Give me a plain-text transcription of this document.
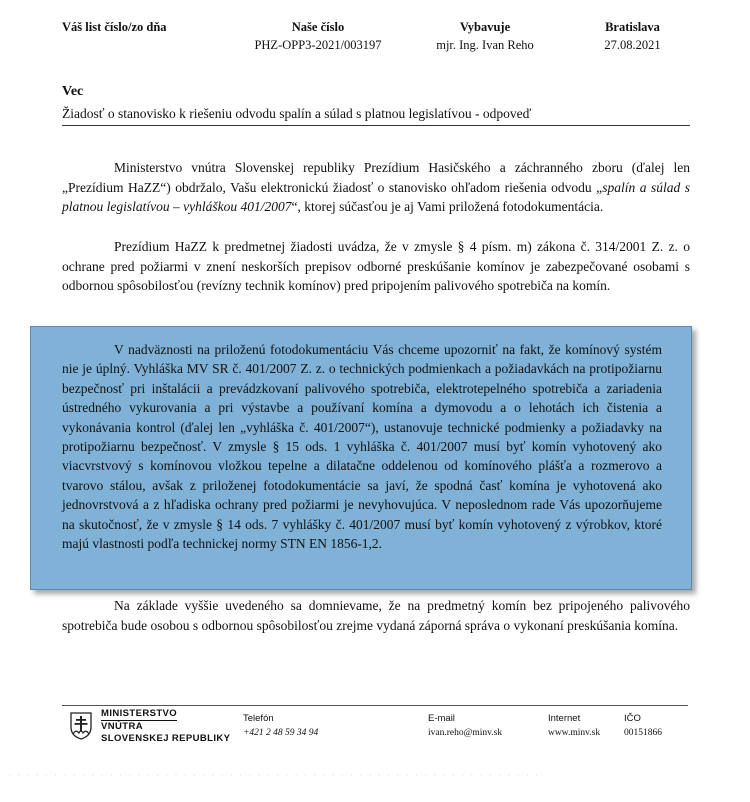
Váš list číslo/zo dňa	Naše číslo
PHZ-OPP3-2021/003197
Vybavuje
mjr. Ing. Ivan Reho
Bratislava
27.08.2021
Vec
Žiadosť o stanovisko k riešeniu odvodu spalín a súlad s platnou legislatívou - odpoveď

Ministerstvo vnútra Slovenskej republiky Prezídium Hasičského a záchranného zboru (ďalej len „Prezídium HaZZ“) obdržalo, Vašu elektronickú žiadosť o stanovisko ohľadom riešenia odvodu „spalín a súlad s platnou legislatívou – vyhláškou 401/2007“, ktorej súčasťou je aj Vami priložená fotodokumentácia.

Prezídium HaZZ k predmetnej žiadosti uvádza, že v zmysle § 4 písm. m) zákona č. 314/2001 Z. z. o ochrane pred požiarmi v znení neskorších prepisov odborné preskúšanie komínov je zabezpečované osobami s odbornou spôsobilosťou (revízny technik komínov) pred pripojením palivového spotrebiča na komín.

V nadväznosti na priloženú fotodokumentáciu Vás chceme upozorniť na fakt, že komínový systém nie je úplný. Vyhláška MV SR č. 401/2007 Z. z. o technických podmienkach a požiadavkách na protipožiarnu bezpečnosť pri inštalácii a prevádzkovaní palivového spotrebiča, elektrotepelného spotrebiča a zariadenia ústredného vykurovania a pri výstavbe a používaní komína a dymovodu a o lehotách ich čistenia a vykonávania kontrol (ďalej len „vyhláška č. 401/2007“), ustanovuje technické podmienky a požiadavky na protipožiarnu bezpečnosť. V zmysle § 15 ods. 1 vyhláška č. 401/2007 musí byť komín vyhotovený ako viacvrstvový s komínovou vložkou tepelne a dilatačne oddelenou od komínového plášťa a rozmerovo a tvarovo stálou, avšak z priloženej fotodokumentácie sa javí, že spodná časť komína je vyhotovená ako jednovrstvová a z hľadiska ochrany pred požiarmi je nevyhovujúca. V neposlednom rade Vás upozorňujeme na skutočnosť, že v zmysle § 14 ods. 7 vyhlášky č. 401/2007 musí byť komín vyhotovený z výrobkov, ktoré majú vlastnosti podľa technickej normy STN EN 1856-1,2.

Na základe vyššie uvedeného sa domnievame, že na predmetný komín bez pripojeného palivového spotrebiča bude osobou s odbornou spôsobilosťou zrejme vydaná záporná správa o vykonaní preskúšania komína.

MINISTERSTVO
VNÚTRA
SLOVENSKEJ REPUBLIKY
Telefón
+421 2 48 59 34 94
E-mail
ivan.reho@minv.sk
Internet
www.minv.sk
IČO
00151866
· · · · · · · · · · · · · · · · · · · · · · · · · · · · · · · · · · · · · · · · · · · · · · · · · · · · · · · · · ·
